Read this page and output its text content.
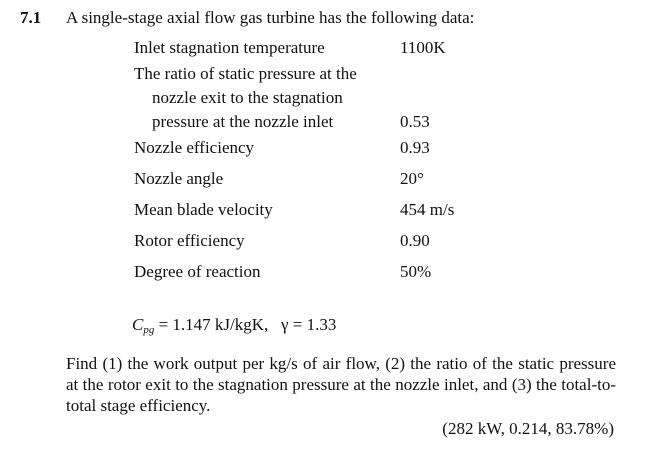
7.1 A single-stage axial flow gas turbine has the following data:
Inlet stagnation temperature	1100K
The ratio of static pressure at the
nozzle exit to the stagnation
pressure at the nozzle inlet	0.53
Nozzle efficiency	0.93
Nozzle angle	20°
Mean blade velocity	454 m/s
Rotor efficiency	0.90
Degree of reaction	50%
$C_{pg} = 1.147$ kJ/kgK, γ = 1.33
Find (1) the work output per kg/s of air flow, (2) the ratio of the static pressure at the rotor exit to the stagnation pressure at the nozzle inlet, and (3) the total-to-total stage efficiency.
(282 kW, 0.214, 83.78%)
